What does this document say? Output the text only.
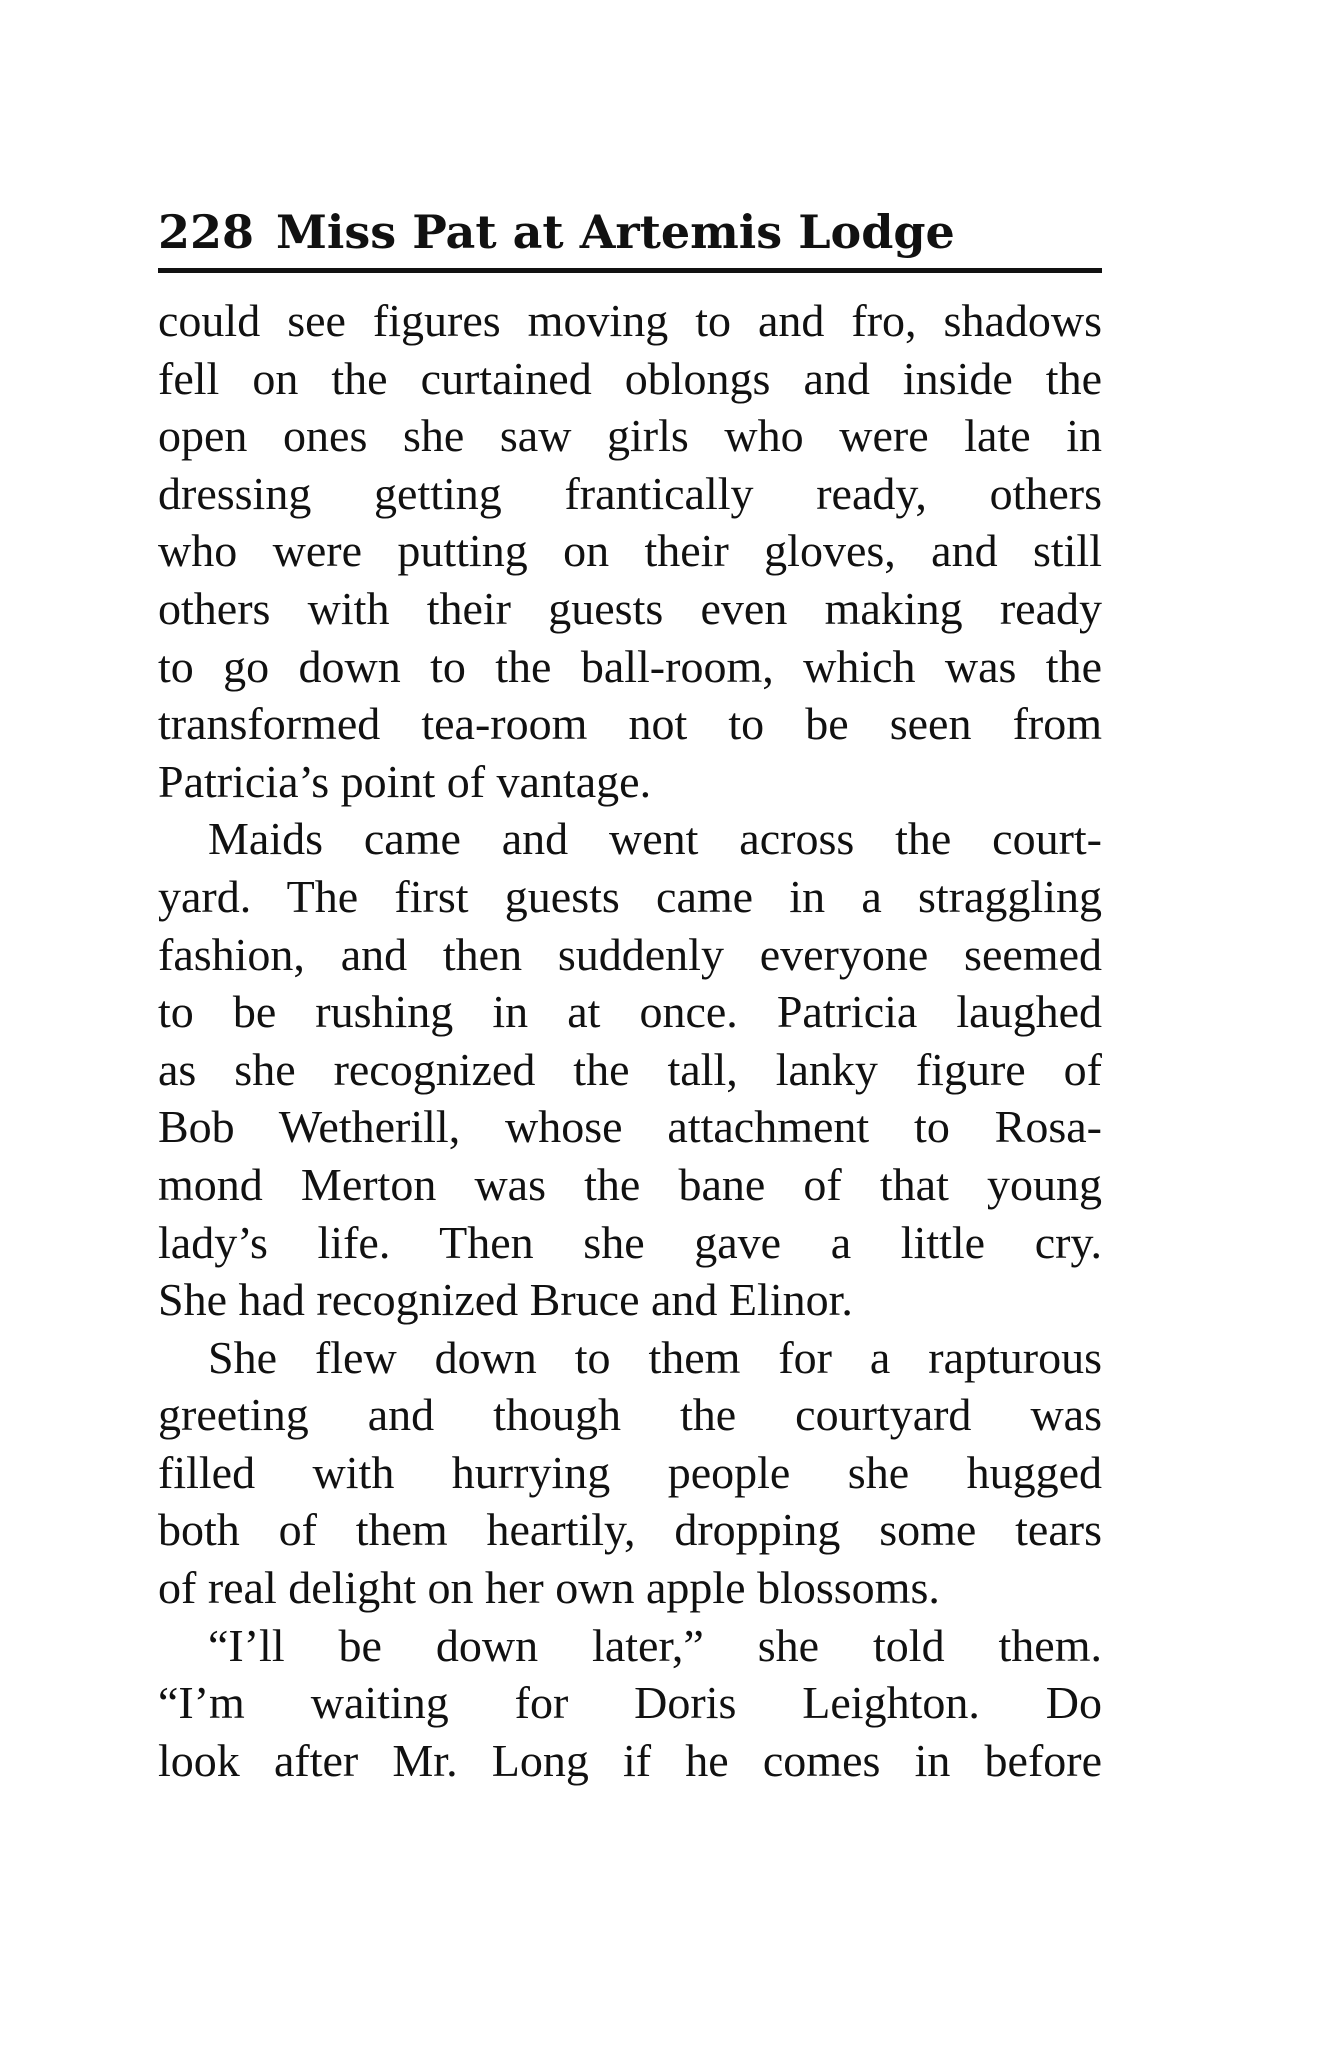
228 Miss Pat at Artemis Lodge
could see figures moving to and fro, shadows
fell on the curtained oblongs and inside the
open ones she saw girls who were late in
dressing getting frantically ready, others
who were putting on their gloves, and still
others with their guests even making ready
to go down to the ball-room, which was the
transformed tea-room not to be seen from
Patricia’s point of vantage.
Maids came and went across the court-
yard. The first guests came in a straggling
fashion, and then suddenly everyone seemed
to be rushing in at once. Patricia laughed
as she recognized the tall, lanky figure of
Bob Wetherill, whose attachment to Rosa-
mond Merton was the bane of that young
lady’s life. Then she gave a little cry.
She had recognized Bruce and Elinor.
She flew down to them for a rapturous
greeting and though the courtyard was
filled with hurrying people she hugged
both of them heartily, dropping some tears
of real delight on her own apple blossoms.
“I’ll be down later,” she told them.
“I’m waiting for Doris Leighton. Do
look after Mr. Long if he comes in before
